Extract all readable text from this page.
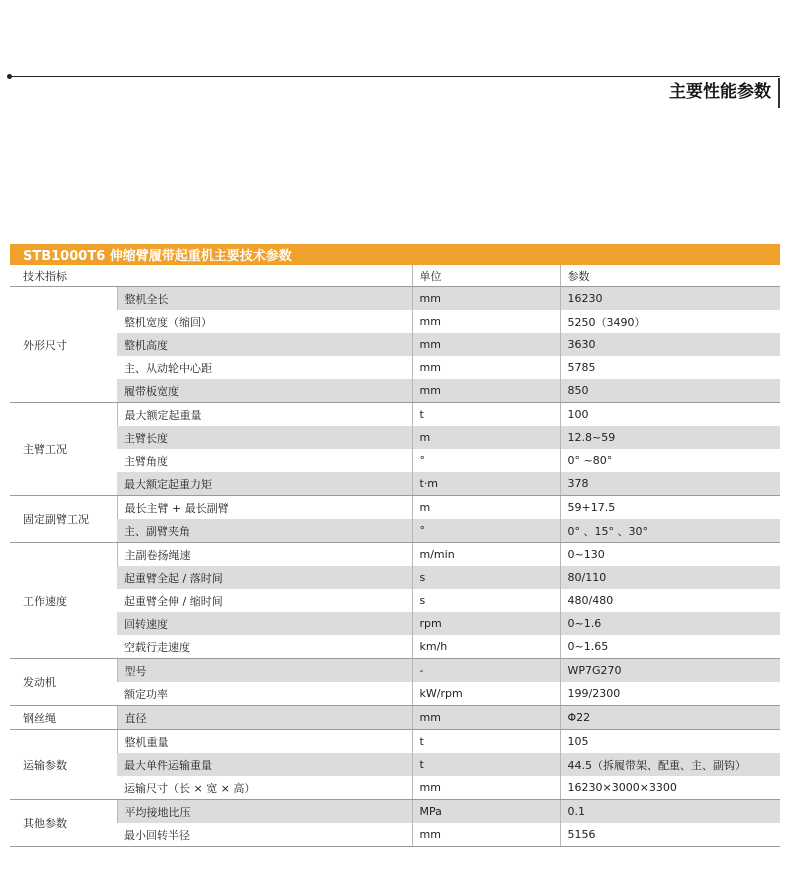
主要性能参数
STB1000T6 伸缩臂履带起重机主要技术参数			
技术指标		单位	参数
外形尺寸	整机全长	mm	16230
	整机宽度（缩回）	mm	5250（3490）
	整机高度	mm	3630
	主、从动轮中心距	mm	5785
	履带板宽度	mm	850
主臂工况	最大额定起重量	t	100
	主臂长度	m	12.8~59
	主臂角度	°	0° ~80°
	最大额定起重力矩	t·m	378
固定副臂工况	最长主臂 + 最长副臂	m	59+17.5
	主、副臂夹角	°	0° 、15° 、30°
工作速度	主副卷扬绳速	m/min	0~130
	起重臂全起 / 落时间	s	80/110
	起重臂全伸 / 缩时间	s	480/480
	回转速度	rpm	0~1.6
	空载行走速度	km/h	0~1.65
发动机	型号	-	WP7G270
	额定功率	kW/rpm	199/2300
钢丝绳	直径	mm	Φ22
运输参数	整机重量	t	105
	最大单件运输重量	t	44.5（拆履带架、配重、主、副钩）
	运输尺寸（长 × 宽 × 高）	mm	16230×3000×3300
其他参数	平均接地比压	MPa	0.1
	最小回转半径	mm	5156
